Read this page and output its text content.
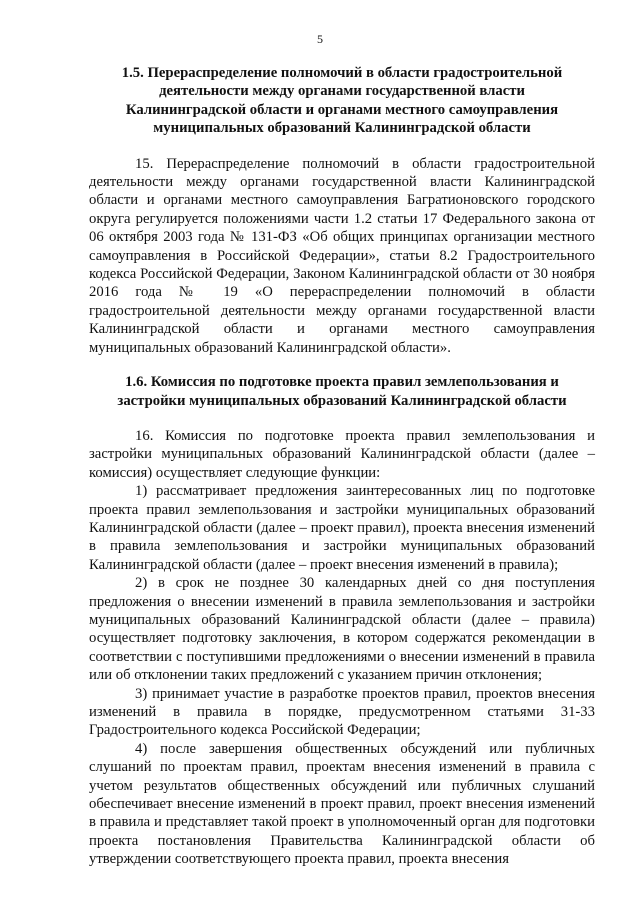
5
1.5. Перераспределение полномочий в области градостроительной
деятельности между органами государственной власти
Калининградской области и органами местного самоуправления
муниципальных образований Калининградской области

15. Перераспределение полномочий в области градостроительной деятельности между органами государственной власти Калининградской области и органами местного самоуправления Багратионовского городского округа регулируется положениями части 1.2 статьи 17 Федерального закона от 06 октября 2003 года № 131-ФЗ «Об общих принципах организации местного самоуправления в Российской Федерации», статьи 8.2 Градостроительного кодекса Российской Федерации, Законом Калининградской области от 30 ноября 2016 года № 19 «О перераспределении полномочий в области градостроительной деятельности между органами государственной власти Калининградской области и органами местного самоуправления муниципальных образований Калининградской области».

1.6. Комиссия по подготовке проекта правил землепользования и
застройки муниципальных образований Калининградской области

16. Комиссия по подготовке проекта правил землепользования и застройки муниципальных образований Калининградской области (далее – комиссия) осуществляет следующие функции:

1) рассматривает предложения заинтересованных лиц по подготовке проекта правил землепользования и застройки муниципальных образований Калининградской области (далее – проект правил), проекта внесения изменений в правила землепользования и застройки муниципальных образований Калининградской области (далее – проект внесения изменений в правила);

2) в срок не позднее 30 календарных дней со дня поступления предложения о внесении изменений в правила землепользования и застройки муниципальных образований Калининградской области (далее – правила) осуществляет подготовку заключения, в котором содержатся рекомендации в соответствии с поступившими предложениями о внесении изменений в правила или об отклонении таких предложений с указанием причин отклонения;

3) принимает участие в разработке проектов правил, проектов внесения изменений в правила в порядке, предусмотренном статьями 31-33 Градостроительного кодекса Российской Федерации;

4) после завершения общественных обсуждений или публичных слушаний по проектам правил, проектам внесения изменений в правила с учетом результатов общественных обсуждений или публичных слушаний обеспечивает внесение изменений в проект правил, проект внесения изменений в правила и представляет такой проект в уполномоченный орган для подготовки проекта постановления Правительства Калининградской области об утверждении соответствующего проекта правил, проекта внесения
